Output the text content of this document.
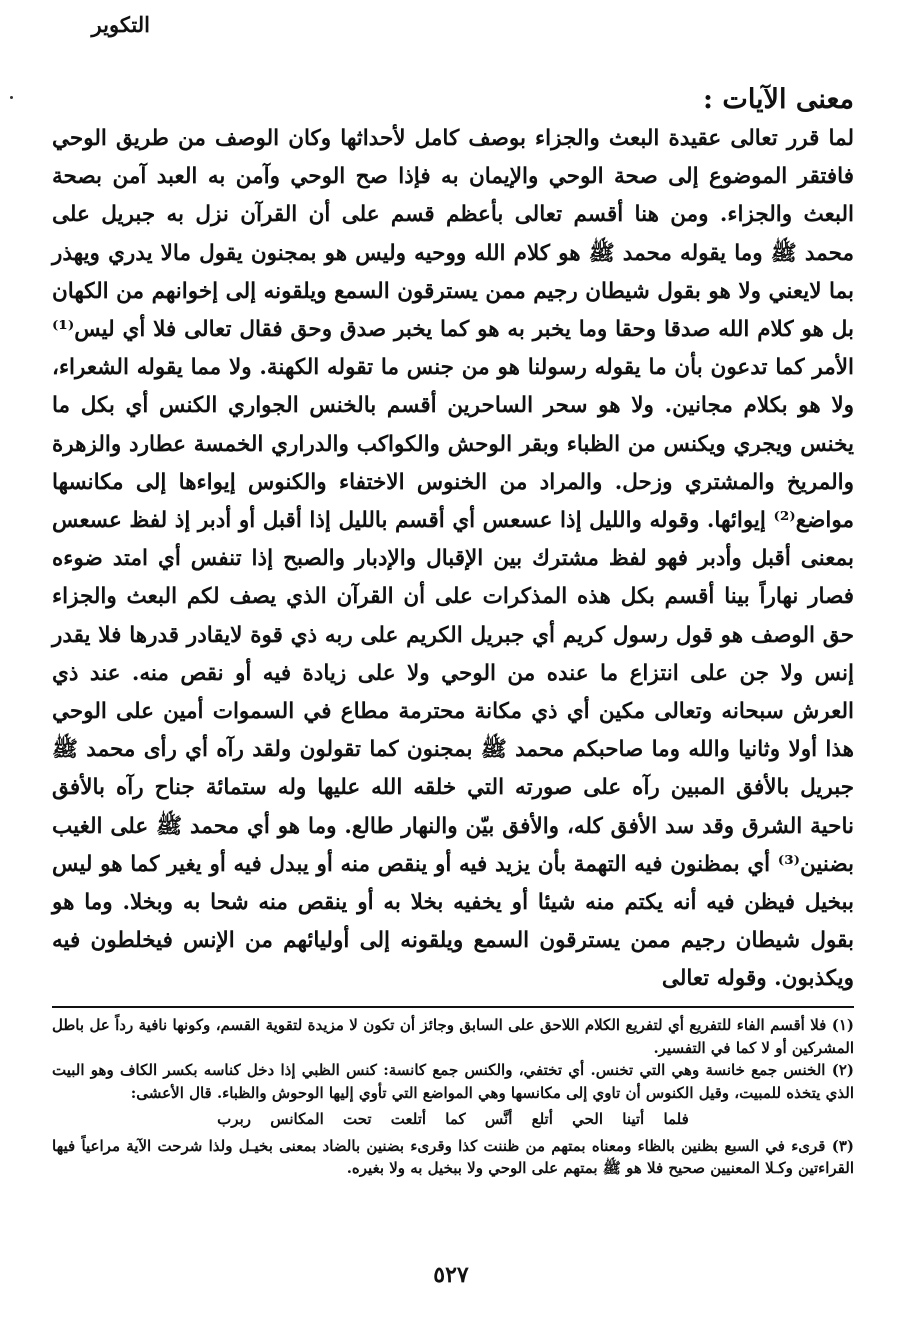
التكوير
معنى الآيات :

لما قرر تعالى عقيدة البعث والجزاء بوصف كامل لأحداثها وكان الوصف من طريق الوحي فافتقر الموضوع إلى صحة الوحي والإيمان به فإذا صح الوحي وآمن به العبد آمن بصحة البعث والجزاء. ومن هنا أقسم تعالى بأعظم قسم على أن القرآن نزل به جبريل على محمد ﷺ وما يقوله محمد ﷺ هو كلام الله ووحيه وليس هو بمجنون يقول مالا يدري ويهذر بما لايعني ولا هو بقول شيطان رجيم ممن يسترقون السمع ويلقونه إلى إخوانهم من الكهان بل هو كلام الله صدقا وحقا وما يخبر به هو كما يخبر صدق وحق فقال تعالى فلا أي ليس⁽¹⁾ الأمر كما تدعون بأن ما يقوله رسولنا هو من جنس ما تقوله الكهنة. ولا مما يقوله الشعراء، ولا هو بكلام مجانين. ولا هو سحر الساحرين أقسم بالخنس الجواري الكنس أي بكل ما يخنس ويجري ويكنس من الظباء وبقر الوحش والكواكب والدراري الخمسة عطارد والزهرة والمريخ والمشتري وزحل. والمراد من الخنوس الاختفاء والكنوس إيواءها إلى مكانسها مواضع⁽²⁾ إيوائها. وقوله والليل إذا عسعس أي أقسم بالليل إذا أقبل أو أدبر إذ لفظ عسعس بمعنى أقبل وأدبر فهو لفظ مشترك بين الإقبال والإدبار والصبح إذا تنفس أي امتد ضوءه فصار نهاراً بينا أقسم بكل هذه المذكرات على أن القرآن الذي يصف لكم البعث والجزاء حق الوصف هو قول رسول كريم أي جبريل الكريم على ربه ذي قوة لايقادر قدرها فلا يقدر إنس ولا جن على انتزاع ما عنده من الوحي ولا على زيادة فيه أو نقص منه. عند ذي العرش سبحانه وتعالى مكين أي ذي مكانة محترمة مطاع في السموات أمين على الوحي هذا أولا وثانيا والله وما صاحبكم محمد ﷺ بمجنون كما تقولون ولقد رآه أي رأى محمد ﷺ جبريل بالأفق المبين رآه على صورته التي خلقه الله عليها وله ستمائة جناح رآه بالأفق ناحية الشرق وقد سد الأفق كله، والأفق بيّن والنهار طالع. وما هو أي محمد ﷺ على الغيب بضنين⁽³⁾ أي بمظنون فيه التهمة بأن يزيد فيه أو ينقص منه أو يبدل فيه أو يغير كما هو ليس ببخيل فيظن فيه أنه يكتم منه شيئا أو يخفيه بخلا به أو ينقص منه شحا به وبخلا. وما هو بقول شيطان رجيم ممن يسترقون السمع ويلقونه إلى أوليائهم من الإنس فيخلطون فيه ويكذبون. وقوله تعالى

(١) فلا أقسم الفاء للتفريع أي لتفريع الكلام اللاحق على السابق وجائز أن تكون لا مزيدة لتقوية القسم، وكونها نافية رداً عل باطل المشركين أو لا كما في التفسير.

(٢) الخنس جمع خانسة وهي التي تخنس. أي تختفي، والكنس جمع كانسة: كنس الظبي إذا دخل كناسه بكسر الكاف وهو البيت الذي يتخذه للمبيت، وقيل الكنوس أن تاوي إلى مكانسها وهي المواضع التي تأوي إليها الوحوش والظباء. قال الأعشى:

فلما أتينا الحي أتلع أنَّس كما أتلعت تحت المكانس ربرب

(٣) قرىء في السبع بظنين بالظاء ومعناه بمتهم من ظننت كذا وقرىء بضنين بالضاد بمعنى بخيـل ولذا شرحت الآية مراعياً فيها القراءتين وكـلا المعنيين صحيح فلا هو ﷺ بمتهم على الوحي ولا ببخيل به ولا بغيره.

٥٢٧
